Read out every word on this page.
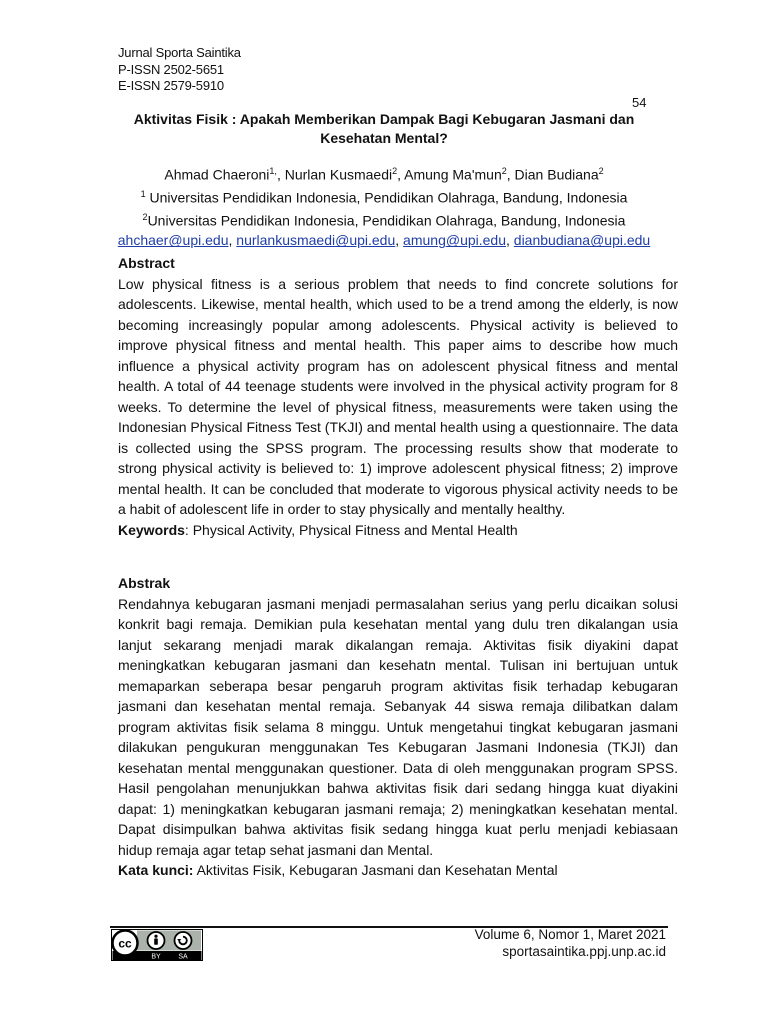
Jurnal Sporta Saintika
P-ISSN 2502-5651
E-ISSN 2579-5910
54
Aktivitas Fisik : Apakah Memberikan Dampak Bagi Kebugaran Jasmani dan Kesehatan Mental?
Ahmad Chaeroni$^{1,}$, Nurlan Kusmaedi$^2$, Amung Ma'mun$^2$, Dian Budiana$^2$
$^1$ Universitas Pendidikan Indonesia, Pendidikan Olahraga, Bandung, Indonesia
$^2$Universitas Pendidikan Indonesia, Pendidikan Olahraga, Bandung, Indonesia
ahchaer@upi.edu, nurlankusmaedi@upi.edu, amung@upi.edu, dianbudiana@upi.edu
Abstract

Low physical fitness is a serious problem that needs to find concrete solutions for adolescents. Likewise, mental health, which used to be a trend among the elderly, is now becoming increasingly popular among adolescents. Physical activity is believed to improve physical fitness and mental health. This paper aims to describe how much influence a physical activity program has on adolescent physical fitness and mental health. A total of 44 teenage students were involved in the physical activity program for 8 weeks. To determine the level of physical fitness, measurements were taken using the Indonesian Physical Fitness Test (TKJI) and mental health using a questionnaire. The data is collected using the SPSS program. The processing results show that moderate to strong physical activity is believed to: 1) improve adolescent physical fitness; 2) improve mental health. It can be concluded that moderate to vigorous physical activity needs to be a habit of adolescent life in order to stay physically and mentally healthy.

Keywords: Physical Activity, Physical Fitness and Mental Health
Abstrak

Rendahnya kebugaran jasmani menjadi permasalahan serius yang perlu dicaikan solusi konkrit bagi remaja. Demikian pula kesehatan mental yang dulu tren dikalangan usia lanjut sekarang menjadi marak dikalangan remaja. Aktivitas fisik diyakini dapat meningkatkan kebugaran jasmani dan kesehatn mental. Tulisan ini bertujuan untuk memaparkan seberapa besar pengaruh program aktivitas fisik terhadap kebugaran jasmani dan kesehatan mental remaja. Sebanyak 44 siswa remaja dilibatkan dalam program aktivitas fisik selama 8 minggu. Untuk mengetahui tingkat kebugaran jasmani dilakukan pengukuran menggunakan Tes Kebugaran Jasmani Indonesia (TKJI) dan kesehatan mental menggunakan questioner. Data di oleh menggunakan program SPSS. Hasil pengolahan menunjukkan bahwa aktivitas fisik dari sedang hingga kuat diyakini dapat: 1) meningkatkan kebugaran jasmani remaja; 2) meningkatkan kesehatan mental. Dapat disimpulkan bahwa aktivitas fisik sedang hingga kuat perlu menjadi kebiasaan hidup remaja agar tetap sehat jasmani dan Mental.

Kata kunci: Aktivitas Fisik, Kebugaran Jasmani dan Kesehatan Mental
cc
BY	SA
Volume 6, Nomor 1, Maret 2021
sportasaintika.ppj.unp.ac.id
